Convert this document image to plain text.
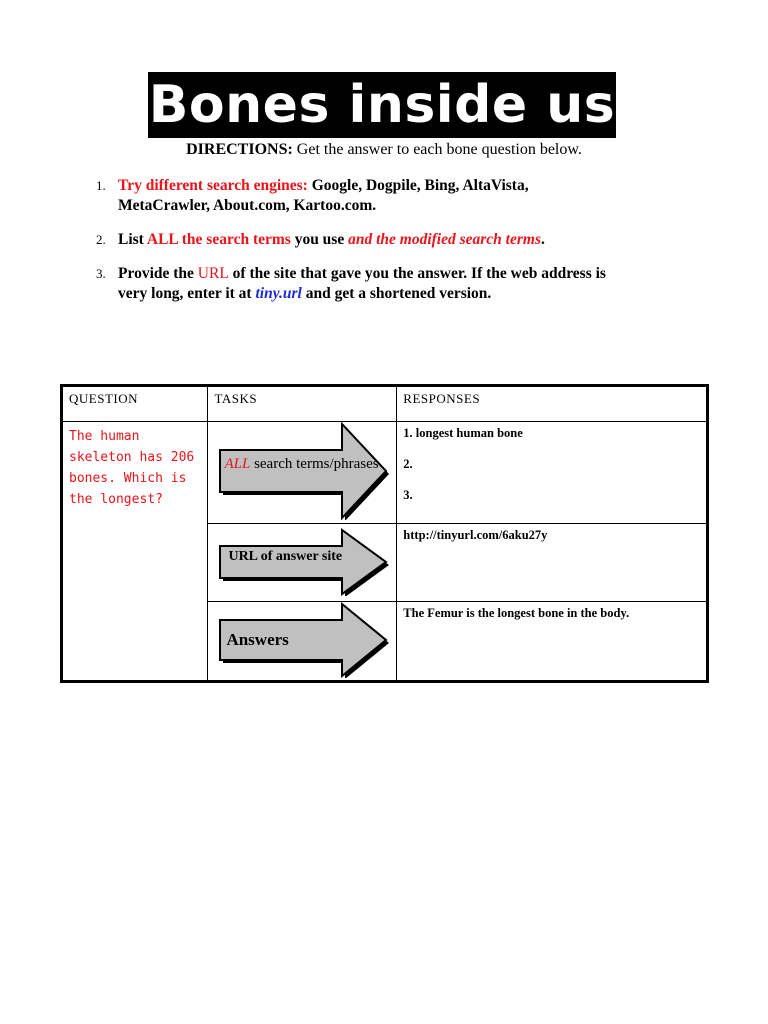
Bones inside us
DIRECTIONS: Get the answer to each bone question below.
1. Try different search engines: Google, Dogpile, Bing, AltaVista,
MetaCrawler, About.com, Kartoo.com.
2. List ALL the search terms you use and the modified search terms.
3. Provide the URL of the site that gave you the answer. If the web address is
very long, enter it at tiny.url and get a shortened version.
QUESTION	TASKS	RESPONSES
The human skeleton has 206 bones. Which is the longest?	ALL search terms/phrases	1. longest human bone

2.

3.

	URL of answer site	http://tinyurl.com/6aku27y

	Answers	The Femur is the longest bone in the body.
